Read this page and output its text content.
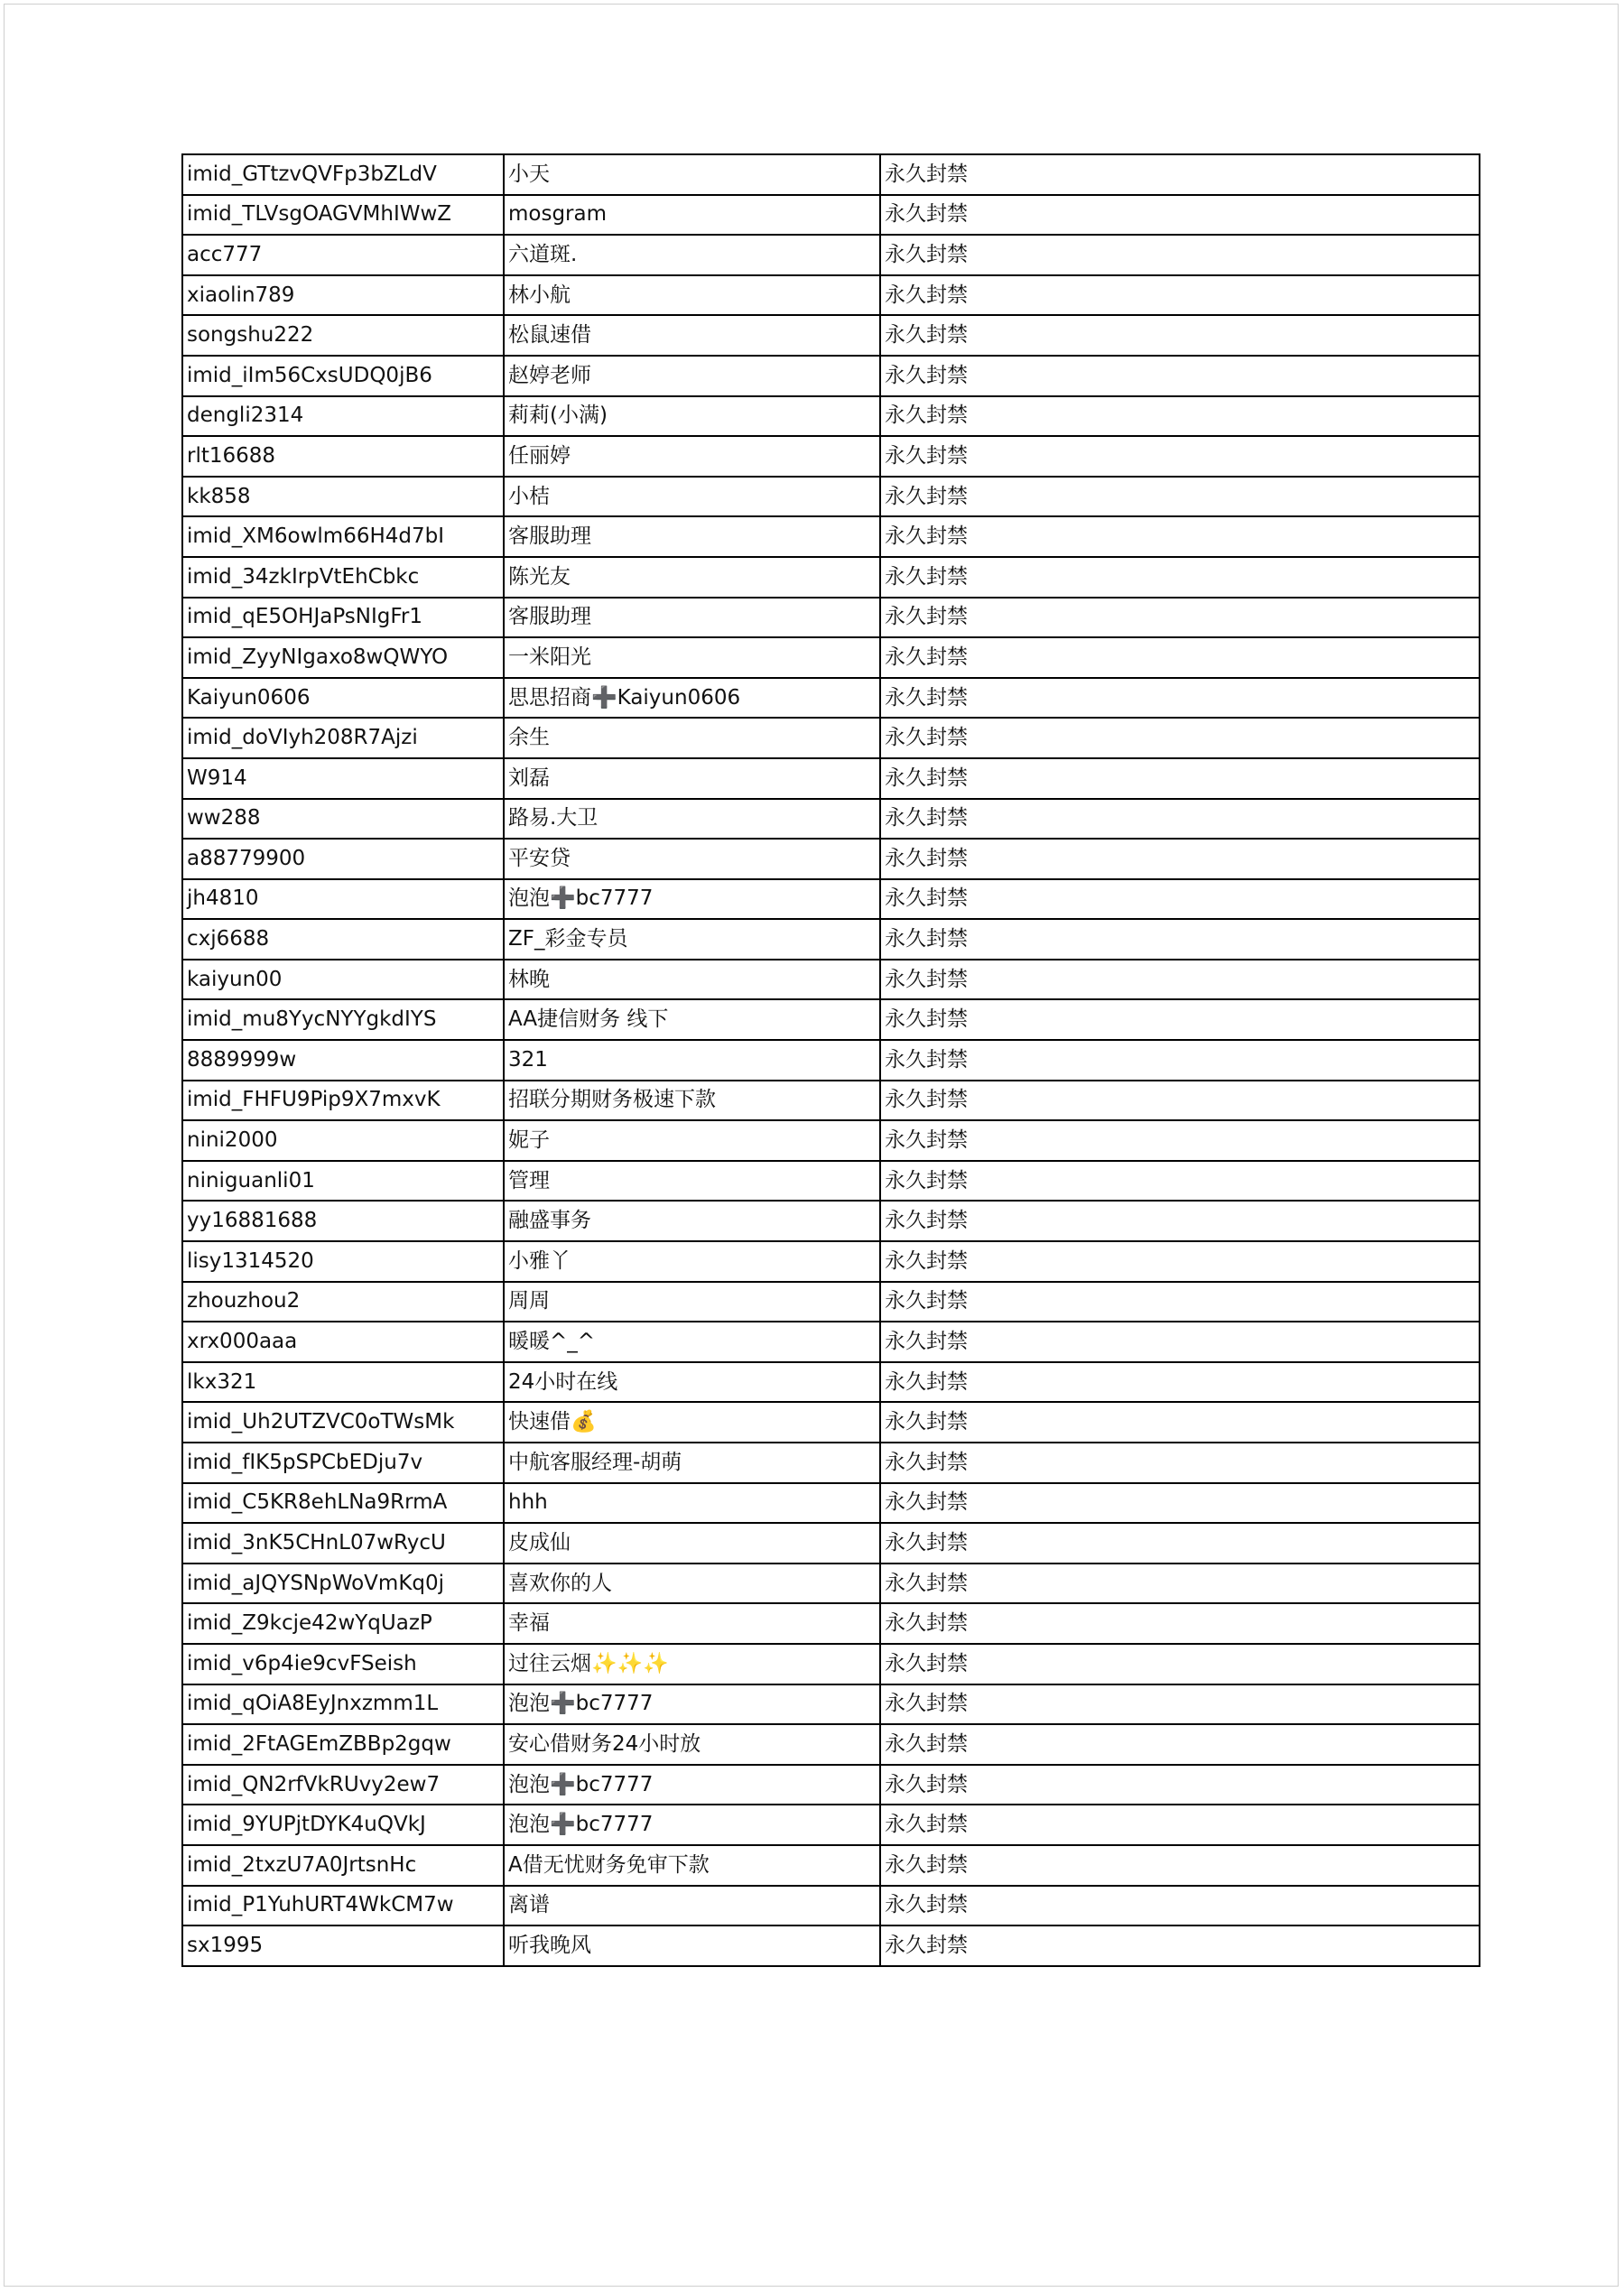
imid_GTtzvQVFp3bZLdV	小天	永久封禁
imid_TLVsgOAGVMhIWwZ	mosgram	永久封禁
acc777	六道斑.	永久封禁
xiaolin789	林小航	永久封禁
songshu222	松鼠速借	永久封禁
imid_iIm56CxsUDQ0jB6	赵婷老师	永久封禁
dengli2314	莉莉(小满)	永久封禁
rlt16688	任丽婷	永久封禁
kk858	小桔	永久封禁
imid_XM6owlm66H4d7bI	客服助理	永久封禁
imid_34zkIrpVtEhCbkc	陈光友	永久封禁
imid_qE5OHJaPsNIgFr1	客服助理	永久封禁
imid_ZyyNIgaxo8wQWYO	一米阳光	永久封禁
Kaiyun0606	思思招商➕Kaiyun0606	永久封禁
imid_doVIyh208R7Ajzi	余生	永久封禁
W914	刘磊	永久封禁
ww288	路易.大卫	永久封禁
a88779900	平安贷	永久封禁
jh4810	泡泡➕bc7777	永久封禁
cxj6688	ZF_彩金专员	永久封禁
kaiyun00	林晚	永久封禁
imid_mu8YycNYYgkdIYS	AA捷信财务 线下	永久封禁
8889999w	321	永久封禁
imid_FHFU9Pip9X7mxvK	招联分期财务极速下款	永久封禁
nini2000	妮子	永久封禁
niniguanli01	管理	永久封禁
yy16881688	融盛事务	永久封禁
lisy1314520	小雅丫	永久封禁
zhouzhou2	周周	永久封禁
xrx000aaa	暖暖^_^	永久封禁
lkx321	24小时在线	永久封禁
imid_Uh2UTZVC0oTWsMk	快速借💰	永久封禁
imid_fIK5pSPCbEDju7v	中航客服经理-胡萌	永久封禁
imid_C5KR8ehLNa9RrmA	hhh	永久封禁
imid_3nK5CHnL07wRycU	皮成仙	永久封禁
imid_aJQYSNpWoVmKq0j	喜欢你的人	永久封禁
imid_Z9kcje42wYqUazP	幸福	永久封禁
imid_v6p4ie9cvFSeish	过往云烟✨✨✨	永久封禁
imid_qOiA8EyJnxzmm1L	泡泡➕bc7777	永久封禁
imid_2FtAGEmZBBp2gqw	安心借财务24小时放	永久封禁
imid_QN2rfVkRUvy2ew7	泡泡➕bc7777	永久封禁
imid_9YUPjtDYK4uQVkJ	泡泡➕bc7777	永久封禁
imid_2txzU7A0JrtsnHc	A借无忧财务免审下款	永久封禁
imid_P1YuhURT4WkCM7w	离谱	永久封禁
sx1995	听我晚风	永久封禁
